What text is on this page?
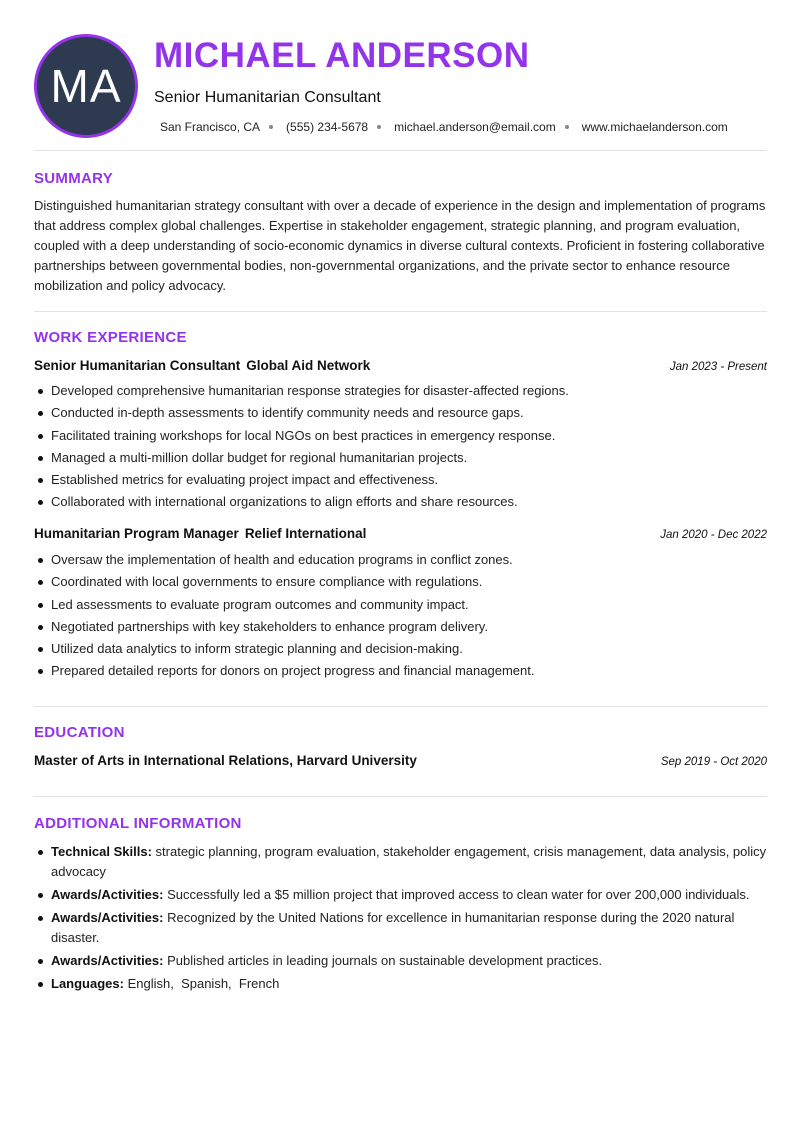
MA
MICHAEL ANDERSON
Senior Humanitarian Consultant
San Francisco, CA (555) 234-5678 michael.anderson@email.com www.michaelanderson.com
SUMMARY
Distinguished humanitarian strategy consultant with over a decade of experience in the design and implementation of programs that address complex global challenges. Expertise in stakeholder engagement, strategic planning, and program evaluation, coupled with a deep understanding of socio-economic dynamics in diverse cultural contexts. Proficient in fostering collaborative partnerships between governmental bodies, non-governmental organizations, and the private sector to enhance resource mobilization and policy advocacy.
WORK EXPERIENCE
Senior Humanitarian Consultant Global Aid Network	Jan 2023 - Present
Developed comprehensive humanitarian response strategies for disaster-affected regions.
Conducted in-depth assessments to identify community needs and resource gaps.
Facilitated training workshops for local NGOs on best practices in emergency response.
Managed a multi-million dollar budget for regional humanitarian projects.
Established metrics for evaluating project impact and effectiveness.
Collaborated with international organizations to align efforts and share resources.
Humanitarian Program Manager Relief International	Jan 2020 - Dec 2022
Oversaw the implementation of health and education programs in conflict zones.
Coordinated with local governments to ensure compliance with regulations.
Led assessments to evaluate program outcomes and community impact.
Negotiated partnerships with key stakeholders to enhance program delivery.
Utilized data analytics to inform strategic planning and decision-making.
Prepared detailed reports for donors on project progress and financial management.
EDUCATION
Master of Arts in International Relations, Harvard University	Sep 2019 - Oct 2020
ADDITIONAL INFORMATION
Technical Skills: strategic planning, program evaluation, stakeholder engagement, crisis management, data analysis, policy advocacy
Awards/Activities: Successfully led a $5 million project that improved access to clean water for over 200,000 individuals.
Awards/Activities: Recognized by the United Nations for excellence in humanitarian response during the 2020 natural disaster.
Awards/Activities: Published articles in leading journals on sustainable development practices.
Languages: English,  Spanish,  French
